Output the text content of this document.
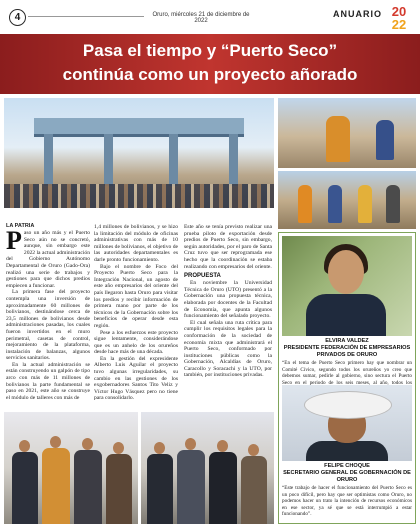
4	Oruro, miércoles 21 de diciembre de 2022
ANUARIO 20
22
Pasa el tiempo y “Puerto Seco”
continúa como un proyecto añorado
LA PATRIA
P aso un año más y el Puerto Seco aún no se concretó, aunque, sin embargo este 2022 la actual administración del Gobierno Autónomo Departamental de Oruro (Gado-Ora) realizó una serie de trabajos y gestiones para que dichos predios empiecen a funcionar.
La primera fase del proyecto contempla una inversión de aproximadamente 60 millones de bolivianos, destinándose cerca de 23,5 millones de bolivianos desde administraciones pasadas, los cuales fueron invertidos en el muro perimetral, casetas de control, mejoramiento de la plataforma, instalación de balanzas, algunos servicios sanitarios.
En la actual administración se están construyendo un galpón de tipo arco con más de 11 millones de bolivianos la parte fundamental se paso en 2021, este año se construye el módulo de talleres con más de
1,4 millones de bolivianos, y se hizo la limitación del módulo de oficinas administrativas con más de 10 millones de bolivianos, el objetivo de las autoridades departamentales es darle pronto funcionamiento.
Bajo el nombre de Foco del Proyecto Puerto Seco para la Integración Nacional, un agosto de este año empresarios del oriente del país llegaron hasta Oruro para visitar los predios y recibir información de primera mano por parte de los técnicos de la Gobernación sobre los beneficios de operar desde esta región.
Pese a los esfuerzos este proyecto sigue lentamente, considerándose que es un anhelo de los orureños desde hace más de una década.
En la gestión del expresidente Alberto Luis Aguilar el proyecto tuvo algunas irregularidades, su cambio en las gestiones de los exgobernadores Santos Tito Veliz y Víctor Hugo Vásquez pero no tiene para consolidarlo.
Este año se tenía previsto realizar una prueba piloto de exportación desde predios de Puerto Seco, sin embargo, según autoridades, por el paro de Santa Cruz tuvo que ser reprogramada ese hecho que la coordinación se estaba realizando con empresarios del oriente.
PROPUESTA
En noviembre la Universidad Técnica de Oruro (UTO) presentó a la Gobernación una propuesta técnica, elaborada por docentes de la Facultad de Economía, que apunta algunos funcionamiento del señalado proyecto.
El cual señala una ruta crítica para cumplir los requisitos legales para la conformación de la sociedad de economía mixta que administrará el Puerto Seco, conformado por instituciones públicas como la Gobernación, Alcaldías de Oruro, Caracollo y Soracachi y la UTO, por también, por instituciones privadas.
ELVIRA VALDEZ
PRESIDENTE FEDERACIÓN DE EMPRESARIOS PRIVADOS DE ORURO
“En el tema de Puerto Seco primero hay que nombrar un Comité Cívico, segundo todos los orureños yo creo que debemos sumar, pedirle al gobierno, sino sectura el Puerto Seco en el periodo de los seis meses, al año, todos los
FELIPE CHOQUE
SECRETARIO GENERAL DE GOBERNACIÓN DE ORURO
“Este trabajo de hacer el funcionamiento del Puerto Seco es un poco difícil, pero hay que ser optimistas como Oruro, no podemos hacer un trato la intención de recursos económicos en ese sector, ya sé que se está interrumpió a estar funcionando”.
